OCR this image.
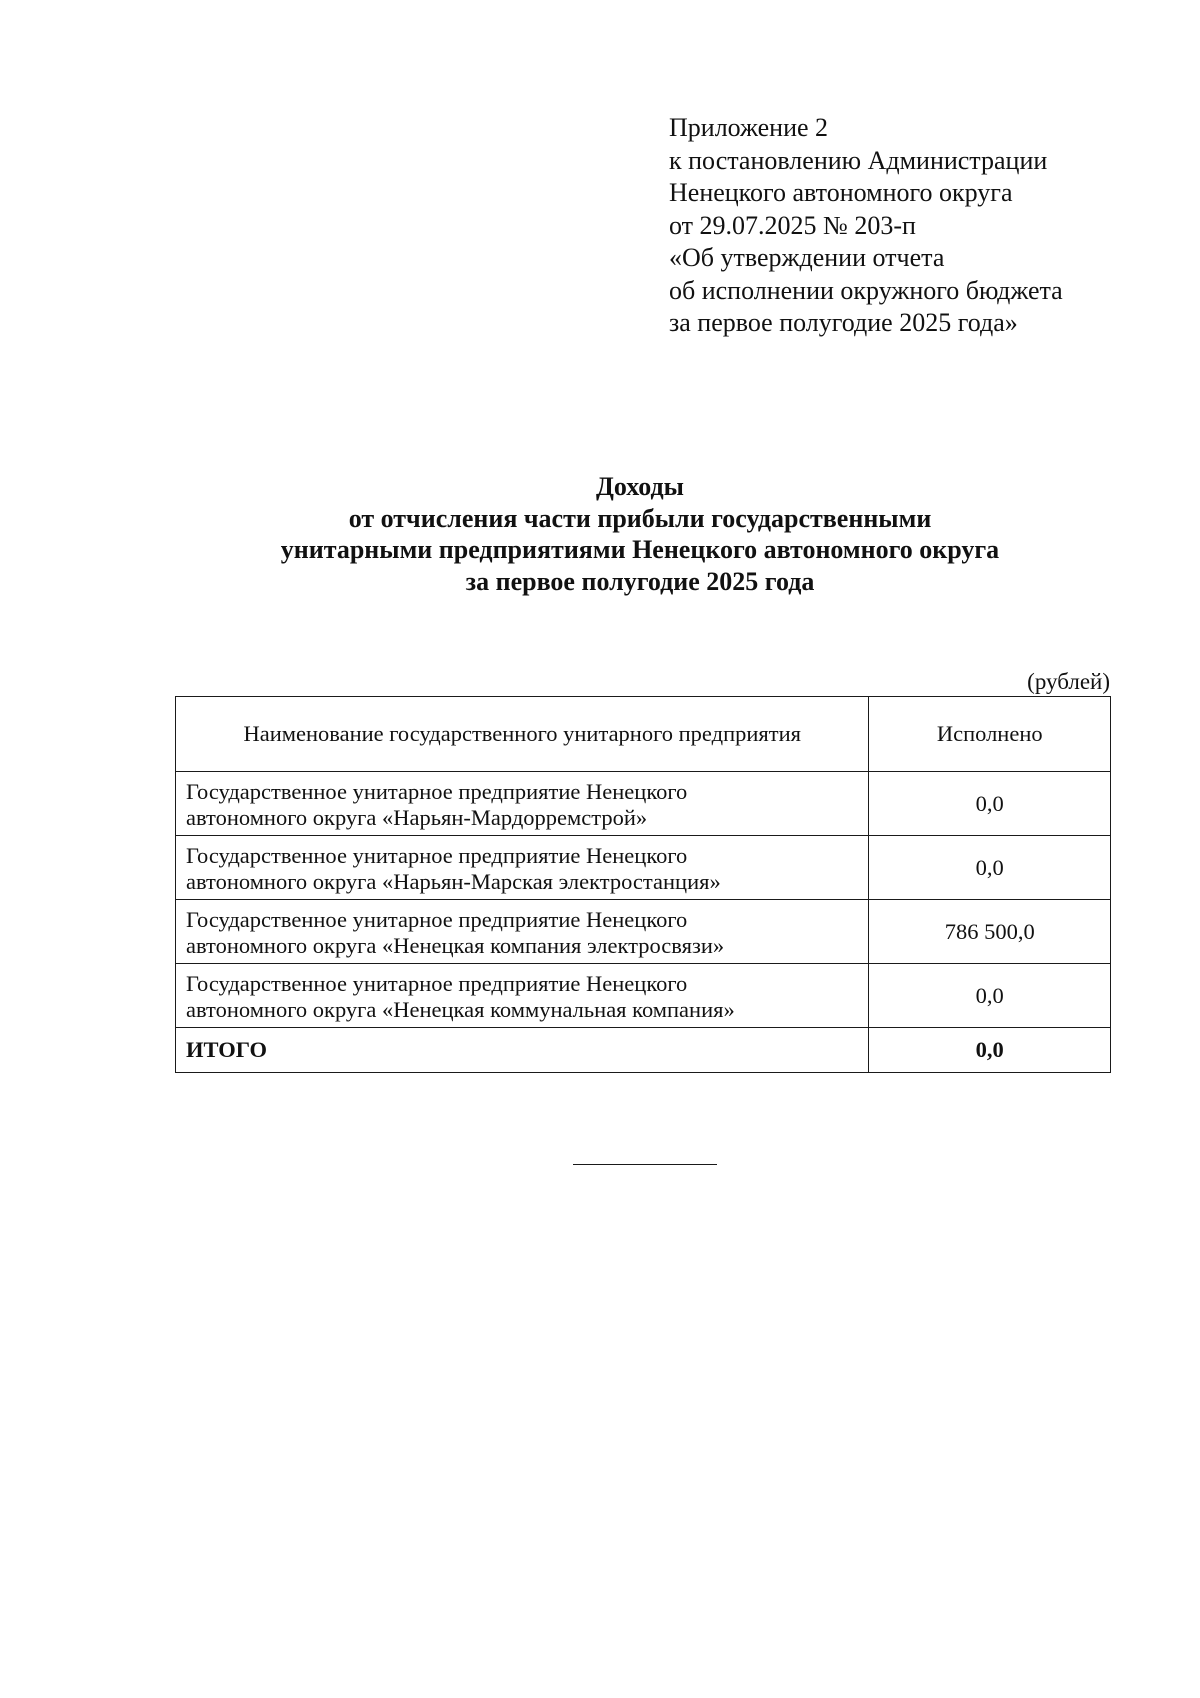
Приложение 2
к постановлению Администрации
Ненецкого автономного округа
от 29.07.2025 № 203-п
«Об утверждении отчета
об исполнении окружного бюджета
за первое полугодие 2025 года»
Доходы
от отчисления части прибыли государственными
унитарными предприятиями Ненецкого автономного округа
за первое полугодие 2025 года
(рублей)
Наименование государственного унитарного предприятия	Исполнено

Государственное унитарное предприятие Ненецкого
автономного округа «Нарьян-Мардорремстрой»	0,0

Государственное унитарное предприятие Ненецкого
автономного округа «Нарьян-Марская электростанция»	0,0

Государственное унитарное предприятие Ненецкого
автономного округа «Ненецкая компания электросвязи»	786 500,0

Государственное унитарное предприятие Ненецкого
автономного округа «Ненецкая коммунальная компания»	0,0
ИТОГО	0,0
